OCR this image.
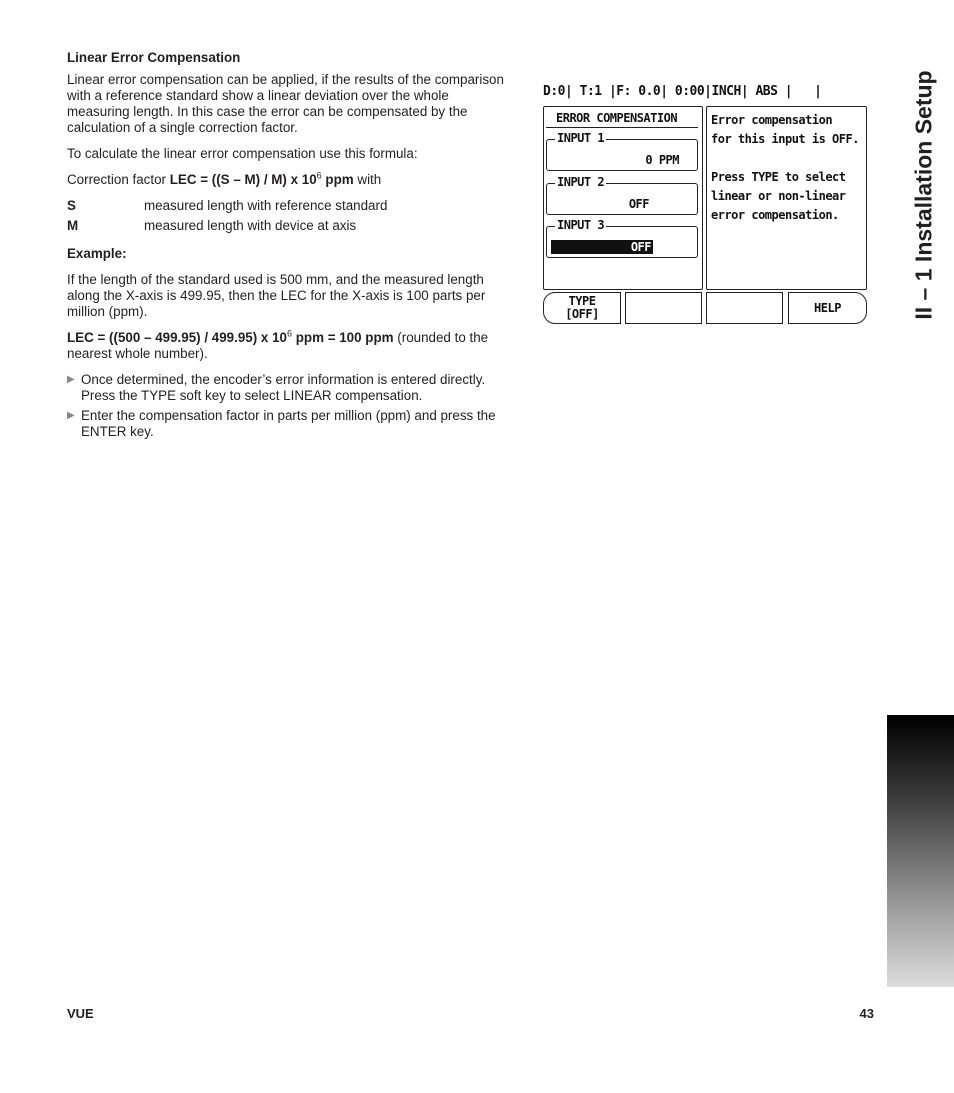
Linear Error Compensation
Linear error compensation can be applied, if the results of the comparison with a reference standard show a linear deviation over the whole measuring length. In this case the error can be compensated by the calculation of a single correction factor.
To calculate the linear error compensation use this formula:
Correction factor LEC = ((S – M) / M) x $10^6$ ppm with
S	measured length with reference standard
M	measured length with device at axis
Example:
If the length of the standard used is 500 mm, and the measured length along the X-axis is 499.95, then the LEC for the X-axis is 100 parts per million (ppm).
LEC = ((500 – 499.95) / 499.95) x $10^6$ ppm = 100 ppm (rounded to the nearest whole number).
▶ Once determined, the encoder’s error information is entered directly. Press the TYPE soft key to select LINEAR compensation.
▶ Enter the compensation factor in parts per million (ppm) and press the ENTER key.
D:0| T:1 |F: 0.0| 0:00|INCH| ABS |   |
ERROR COMPENSATION
INPUT 1
0 PPM
INPUT 2
OFF
INPUT 3
OFF
Error compensation
for this input is OFF.

Press TYPE to select
linear or non-linear
error compensation.
TYPE
[OFF]	HELP	II – 1 Installation Setup
VUE	43
